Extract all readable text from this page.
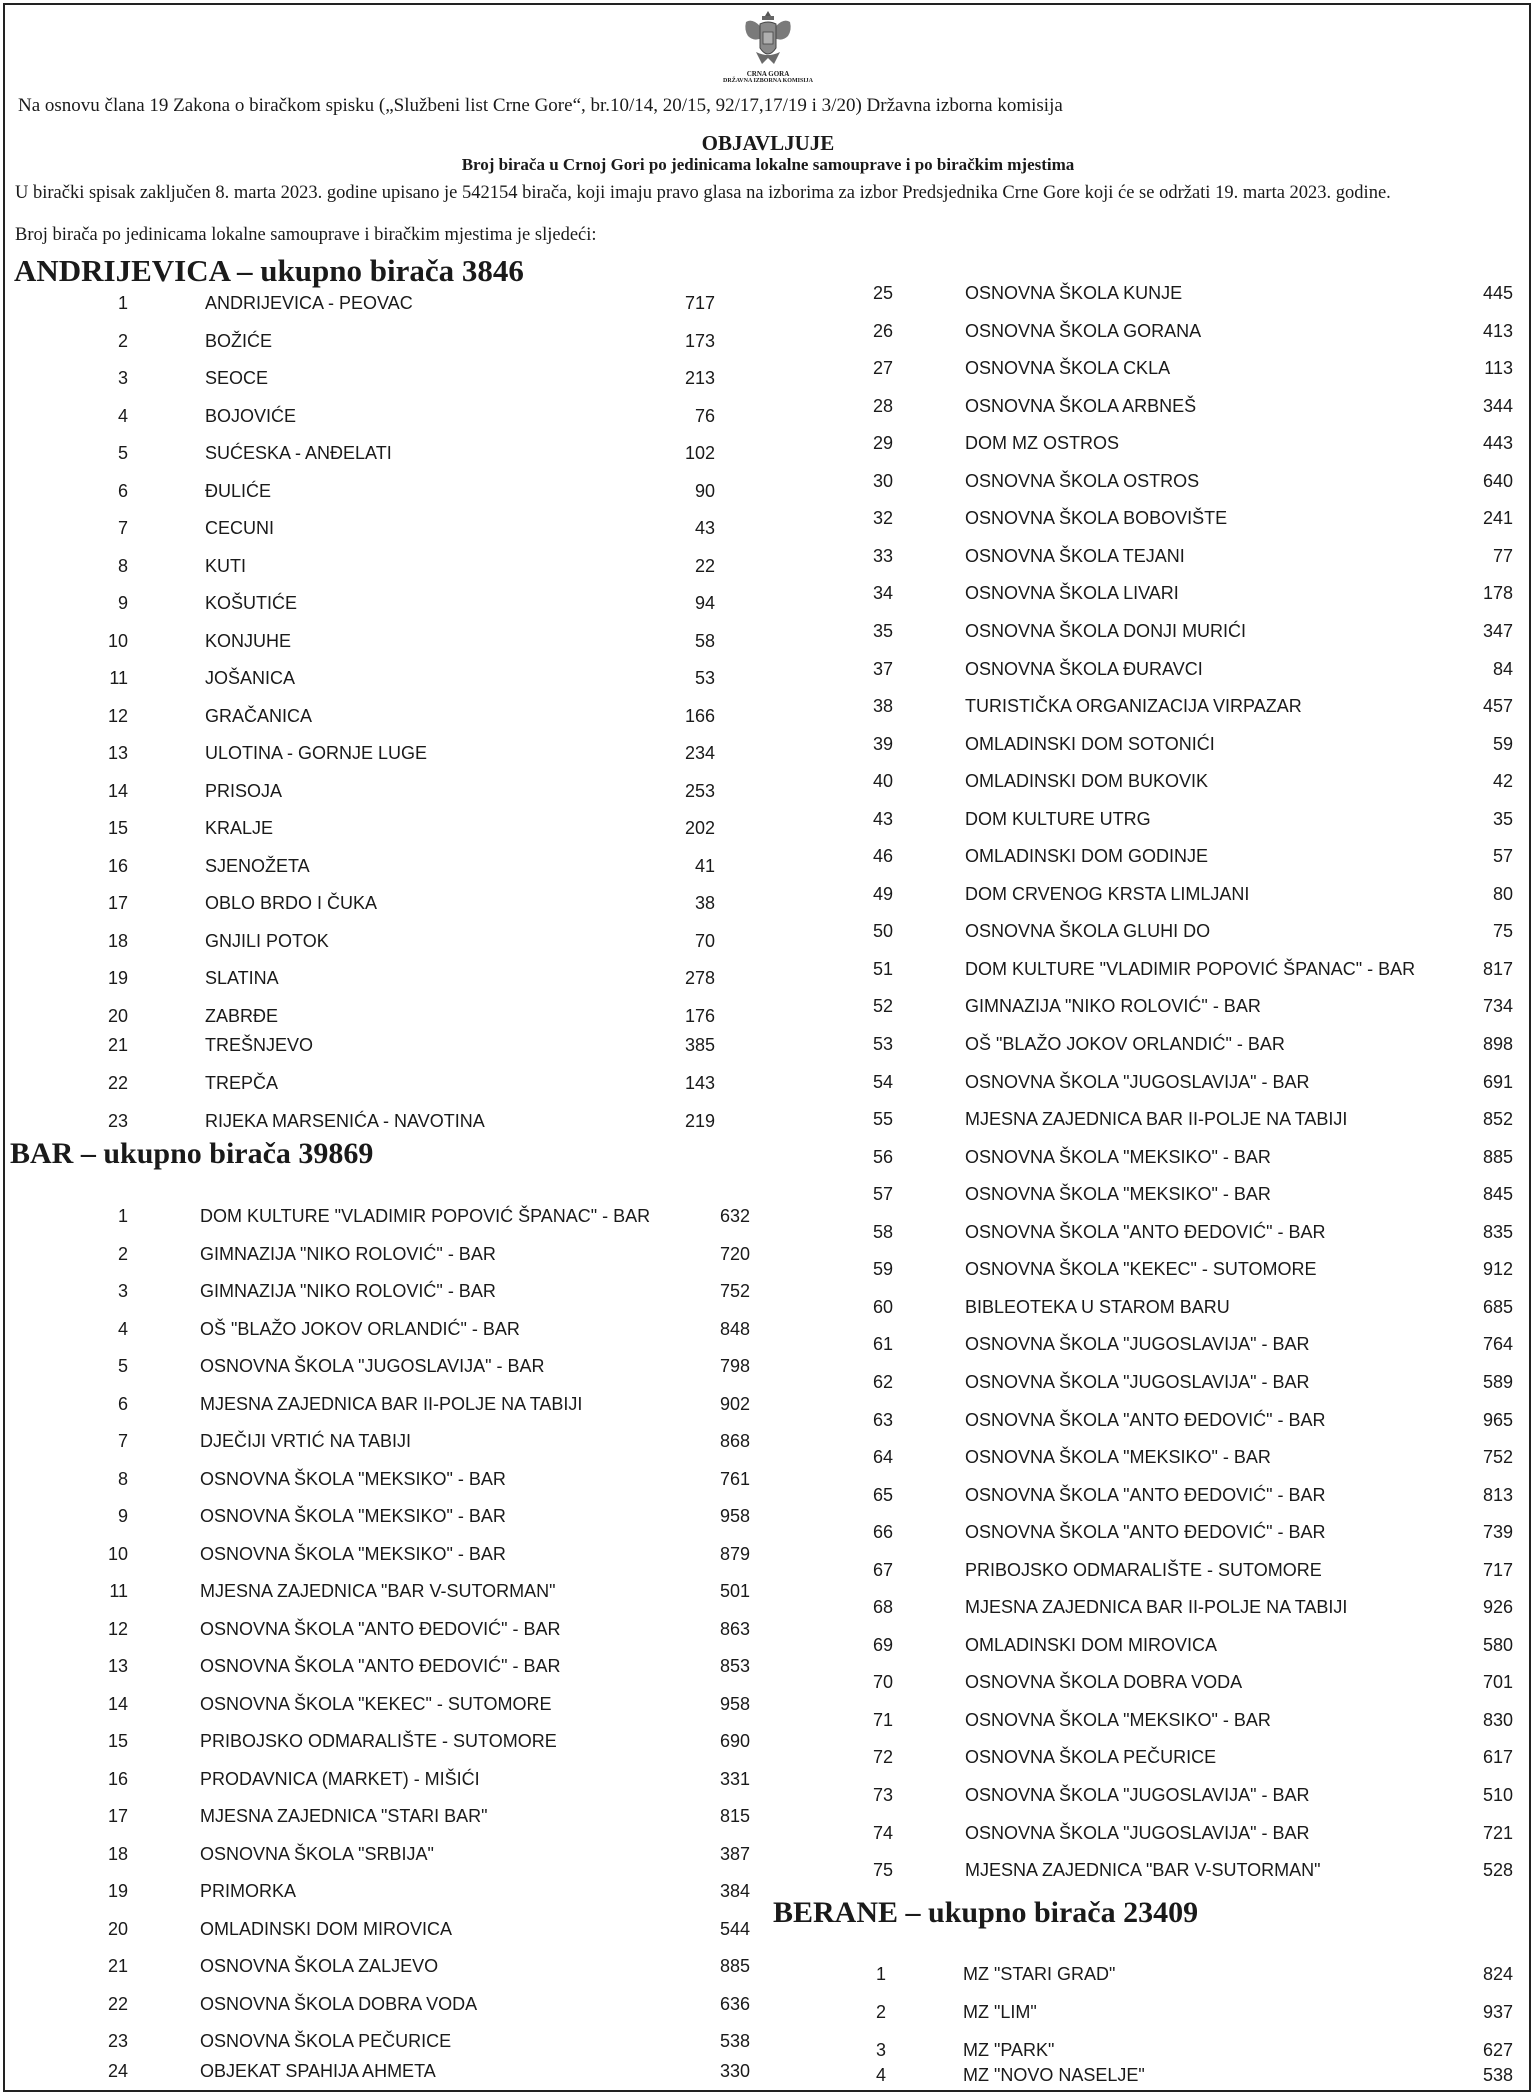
CRNA GORA
DRŽAVNA IZBORNA KOMISIJA
Na osnovu člana 19 Zakona o biračkom spisku („Službeni list Crne Gore“, br.10/14, 20/15, 92/17,17/19 i 3/20) Državna izborna komisija
OBJAVLJUJE
Broj birača u Crnoj Gori po jedinicama lokalne samouprave i po biračkim mjestima
U birački spisak zaključen 8. marta 2023. godine upisano je 542154 birača, koji imaju pravo glasa na izborima za izbor Predsjednika Crne Gore koji će se održati 19. marta 2023. godine.
Broj birača po jedinicama lokalne samouprave i biračkim mjestima je sljedeći:
ANDRIJEVICA – ukupno birača 3846
1	ANDRIJEVICA - PEOVAC	717
2	BOŽIĆE	173
3	SEOCE	213
4	BOJOVIĆE	76
5	SUĆESKA - ANĐELATI	102
6	ĐULIĆE	90
7	CECUNI	43
8	KUTI	22
9	KOŠUTIĆE	94
10	KONJUHE	58
11	JOŠANICA	53
12	GRAČANICA	166
13	ULOTINA - GORNJE LUGE	234
14	PRISOJA	253
15	KRALJE	202
16	SJENOŽETA	41
17	OBLO BRDO I ČUKA	38
18	GNJILI POTOK	70
19	SLATINA	278
20	ZABRĐE	176
21	TREŠNJEVO	385
22	TREPČA	143
23	RIJEKA MARSENIĆA - NAVOTINA	219
BAR – ukupno birača 39869
1	DOM KULTURE "VLADIMIR POPOVIĆ ŠPANAC" - BAR	632
2	GIMNAZIJA "NIKO ROLOVIĆ" - BAR	720
3	GIMNAZIJA "NIKO ROLOVIĆ" - BAR	752
4	OŠ "BLAŽO JOKOV ORLANDIĆ" - BAR	848
5	OSNOVNA ŠKOLA "JUGOSLAVIJA" - BAR	798
6	MJESNA ZAJEDNICA BAR II-POLJE NA TABIJI	902
7	DJEČIJI VRTIĆ NA TABIJI	868
8	OSNOVNA ŠKOLA "MEKSIKO" - BAR	761
9	OSNOVNA ŠKOLA "MEKSIKO" - BAR	958
10	OSNOVNA ŠKOLA "MEKSIKO" - BAR	879
11	MJESNA ZAJEDNICA "BAR V-SUTORMAN"	501
12	OSNOVNA ŠKOLA "ANTO ĐEDOVIĆ" - BAR	863
13	OSNOVNA ŠKOLA "ANTO ĐEDOVIĆ" - BAR	853
14	OSNOVNA ŠKOLA "KEKEC" - SUTOMORE	958
15	PRIBOJSKO ODMARALIŠTE - SUTOMORE	690
16	PRODAVNICA (MARKET) - MIŠIĆI	331
17	MJESNA ZAJEDNICA "STARI BAR"	815
18	OSNOVNA ŠKOLA "SRBIJA"	387
19	PRIMORKA	384
20	OMLADINSKI DOM MIROVICA	544
21	OSNOVNA ŠKOLA ZALJEVO	885
22	OSNOVNA ŠKOLA DOBRA VODA	636
23	OSNOVNA ŠKOLA PEČURICE	538
24	OBJEKAT SPAHIJA AHMETA	330
25	OSNOVNA ŠKOLA KUNJE	445
26	OSNOVNA ŠKOLA GORANA	413
27	OSNOVNA ŠKOLA CKLA	113
28	OSNOVNA ŠKOLA ARBNEŠ	344
29	DOM MZ OSTROS	443
30	OSNOVNA ŠKOLA OSTROS	640
32	OSNOVNA ŠKOLA BOBOVIŠTE	241
33	OSNOVNA ŠKOLA TEJANI	77
34	OSNOVNA ŠKOLA LIVARI	178
35	OSNOVNA ŠKOLA DONJI MURIĆI	347
37	OSNOVNA ŠKOLA ĐURAVCI	84
38	TURISTIČKA ORGANIZACIJA VIRPAZAR	457
39	OMLADINSKI DOM SOTONIĆI	59
40	OMLADINSKI DOM BUKOVIK	42
43	DOM KULTURE UTRG	35
46	OMLADINSKI DOM GODINJE	57
49	DOM CRVENOG KRSTA LIMLJANI	80
50	OSNOVNA ŠKOLA GLUHI DO	75
51	DOM KULTURE "VLADIMIR POPOVIĆ ŠPANAC" - BAR	817
52	GIMNAZIJA "NIKO ROLOVIĆ" - BAR	734
53	OŠ "BLAŽO JOKOV ORLANDIĆ" - BAR	898
54	OSNOVNA ŠKOLA "JUGOSLAVIJA" - BAR	691
55	MJESNA ZAJEDNICA BAR II-POLJE NA TABIJI	852
56	OSNOVNA ŠKOLA "MEKSIKO" - BAR	885
57	OSNOVNA ŠKOLA "MEKSIKO" - BAR	845
58	OSNOVNA ŠKOLA "ANTO ĐEDOVIĆ" - BAR	835
59	OSNOVNA ŠKOLA "KEKEC" - SUTOMORE	912
60	BIBLEOTEKA U STAROM BARU	685
61	OSNOVNA ŠKOLA "JUGOSLAVIJA" - BAR	764
62	OSNOVNA ŠKOLA "JUGOSLAVIJA" - BAR	589
63	OSNOVNA ŠKOLA "ANTO ĐEDOVIĆ" - BAR	965
64	OSNOVNA ŠKOLA "MEKSIKO" - BAR	752
65	OSNOVNA ŠKOLA "ANTO ĐEDOVIĆ" - BAR	813
66	OSNOVNA ŠKOLA "ANTO ĐEDOVIĆ" - BAR	739
67	PRIBOJSKO ODMARALIŠTE - SUTOMORE	717
68	MJESNA ZAJEDNICA BAR II-POLJE NA TABIJI	926
69	OMLADINSKI DOM MIROVICA	580
70	OSNOVNA ŠKOLA DOBRA VODA	701
71	OSNOVNA ŠKOLA "MEKSIKO" - BAR	830
72	OSNOVNA ŠKOLA PEČURICE	617
73	OSNOVNA ŠKOLA "JUGOSLAVIJA" - BAR	510
74	OSNOVNA ŠKOLA "JUGOSLAVIJA" - BAR	721
75	MJESNA ZAJEDNICA "BAR V-SUTORMAN"	528
BERANE – ukupno birača 23409
1	MZ "STARI GRAD"	824
2	MZ "LIM"	937
3	MZ "PARK"	627
4	MZ "NOVO NASELJE"	538
